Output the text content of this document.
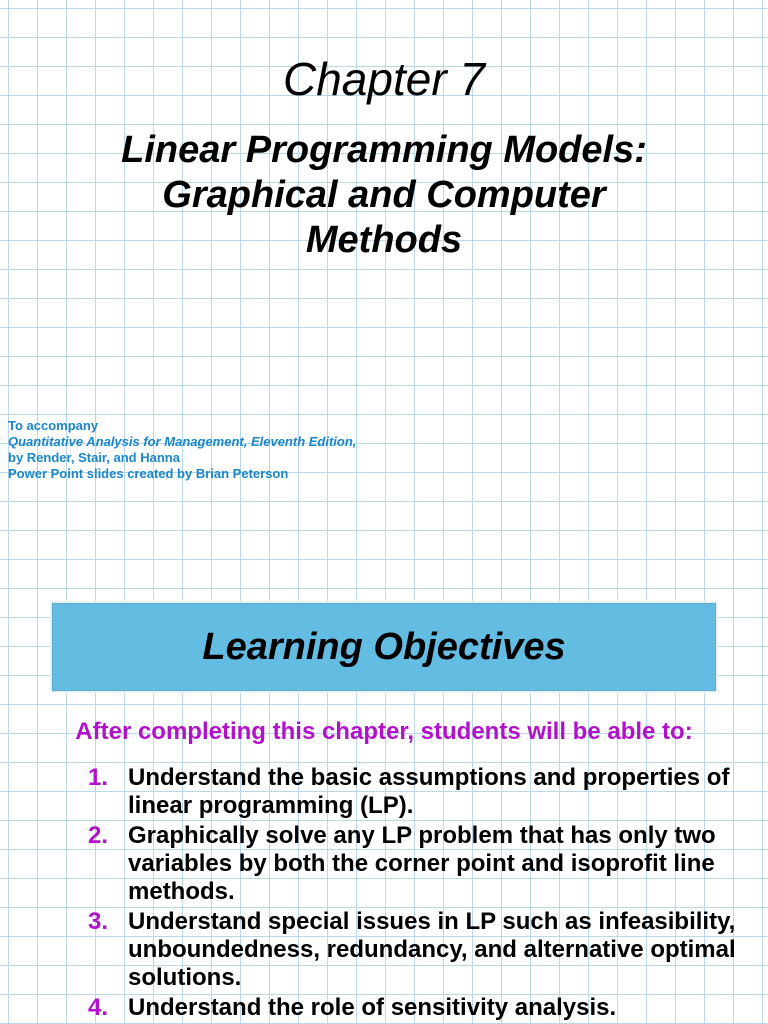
Chapter 7
Linear Programming Models:
Graphical and Computer
Methods
To accompany
Quantitative Analysis for Management, Eleventh Edition,
by Render, Stair, and Hanna
Power Point slides created by Brian Peterson
Learning Objectives
After completing this chapter, students will be able to:
1. Understand the basic assumptions and properties of linear programming (LP).
2. Graphically solve any LP problem that has only two variables by both the corner point and isoprofit line methods.
3. Understand special issues in LP such as infeasibility, unboundedness, redundancy, and alternative optimal solutions.
4. Understand the role of sensitivity analysis.
